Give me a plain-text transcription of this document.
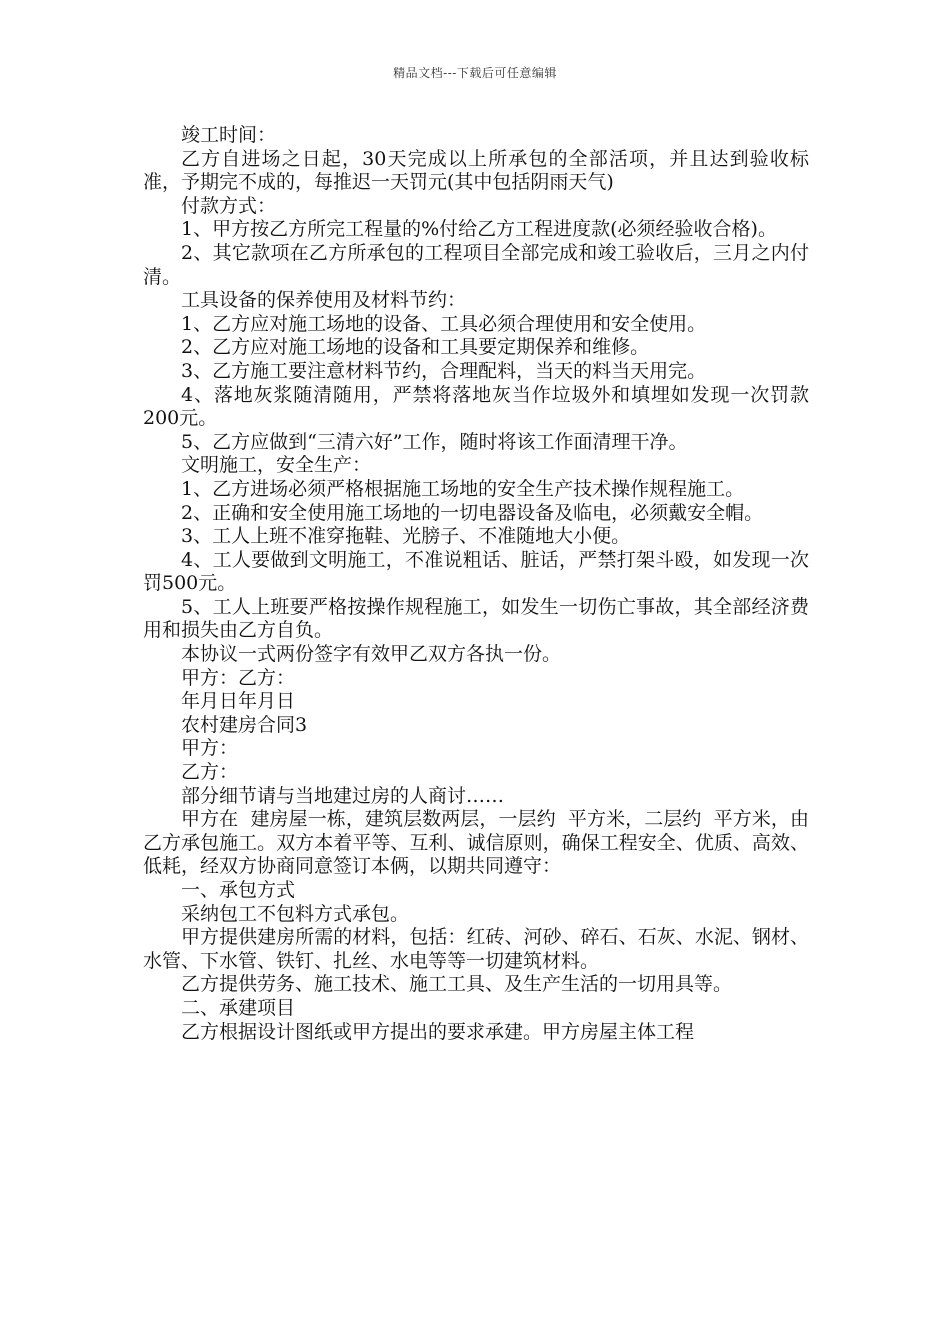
精品文档---下载后可任意编辑

竣工时间：

乙方自进场之日起，30天完成以上所承包的全部活项，并且达到验收标准，予期完不成的，每推迟一天罚元(其中包括阴雨天气)

付款方式：

1、甲方按乙方所完工程量的%付给乙方工程进度款(必须经验收合格)。

2、其它款项在乙方所承包的工程项目全部完成和竣工验收后，三月之内付清。

工具设备的保养使用及材料节约：

1、乙方应对施工场地的设备、工具必须合理使用和安全使用。

2、乙方应对施工场地的设备和工具要定期保养和维修。

3、乙方施工要注意材料节约，合理配料，当天的料当天用完。

4、落地灰浆随清随用，严禁将落地灰当作垃圾外和填埋如发现一次罚款200元。

5、乙方应做到“三清六好”工作，随时将该工作面清理干净。

文明施工，安全生产：

1、乙方进场必须严格根据施工场地的安全生产技术操作规程施工。

2、正确和安全使用施工场地的一切电器设备及临电，必须戴安全帽。

3、工人上班不准穿拖鞋、光膀子、不准随地大小便。

4、工人要做到文明施工，不准说粗话、脏话，严禁打架斗殴，如发现一次罚500元。

5、工人上班要严格按操作规程施工，如发生一切伤亡事故，其全部经济费用和损失由乙方自负。

本协议一式两份签字有效甲乙双方各执一份。

甲方：乙方：

年月日年月日

农村建房合同3

甲方：

乙方：

部分细节请与当地建过房的人商讨……

甲方在  建房屋一栋，建筑层数两层，一层约  平方米，二层约  平方米，由乙方承包施工。双方本着平等、互利、诚信原则，确保工程安全、优质、高效、低耗，经双方协商同意签订本俩，以期共同遵守：

一、承包方式

采纳包工不包料方式承包。

甲方提供建房所需的材料，包括：红砖、河砂、碎石、石灰、水泥、钢材、水管、下水管、铁钉、扎丝、水电等等一切建筑材料。

乙方提供劳务、施工技术、施工工具、及生产生活的一切用具等。

二、承建项目

乙方根据设计图纸或甲方提出的要求承建。甲方房屋主体工程
